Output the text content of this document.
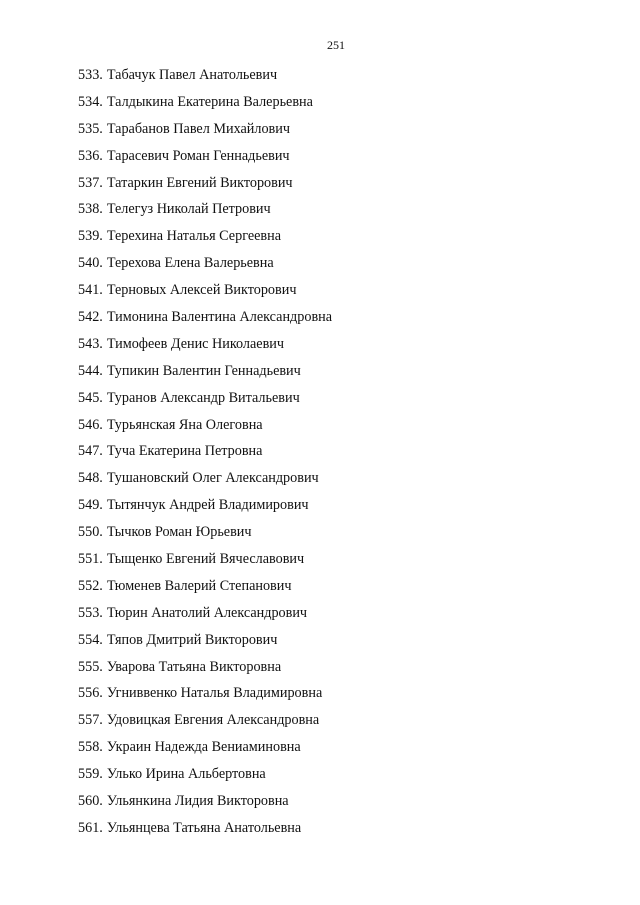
251
533. Табачук Павел Анатольевич
534. Талдыкина Екатерина Валерьевна
535. Тарабанов Павел Михайлович
536. Тарасевич Роман Геннадьевич
537. Татаркин Евгений Викторович
538. Телегуз Николай Петрович
539. Терехина Наталья Сергеевна
540. Терехова Елена Валерьевна
541. Терновых Алексей Викторович
542. Тимонина Валентина Александровна
543. Тимофеев Денис Николаевич
544. Тупикин Валентин Геннадьевич
545. Туранов Александр Витальевич
546. Турьянская Яна Олеговна
547. Туча Екатерина Петровна
548. Тушановский Олег Александрович
549. Тытянчук Андрей Владимирович
550. Тычков Роман Юрьевич
551. Тыщенко Евгений Вячеславович
552. Тюменев Валерий Степанович
553. Тюрин Анатолий Александрович
554. Тяпов Дмитрий Викторович
555. Уварова Татьяна Викторовна
556. Угниввенко Наталья Владимировна
557. Удовицкая Евгения Александровна
558. Украин Надежда Вениаминовна
559. Улько Ирина Альбертовна
560. Ульянкина Лидия Викторовна
561. Ульянцева Татьяна Анатольевна
